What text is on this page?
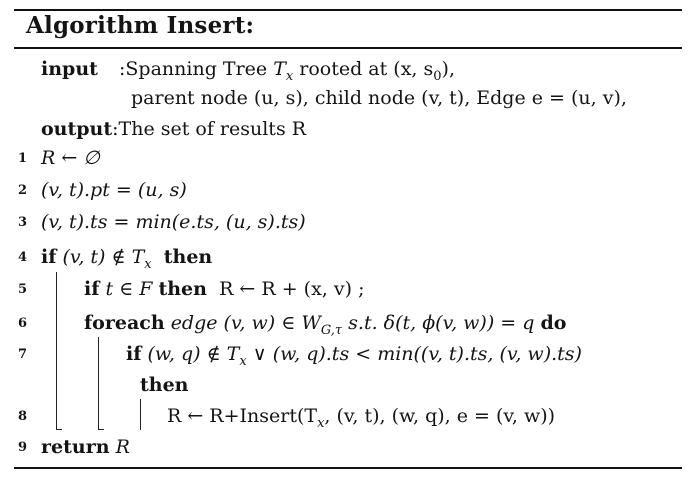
Algorithm Insert:
input :Spanning Tree $T_x$ rooted at (x, $s_0$),
parent node (u, s), child node (v, t), Edge e = (u, v),
output:The set of results R
1 R ← ∅
2 (v, t).pt = (u, s)
3 (v, t).ts = min(e.ts, (u, s).ts)
4 if (v, t) ∉ $T_x$ then
5	if t ∈ F then R ← R + (x, v) ;
6	foreach edge (v, w) ∈ $W_{G,\tau}$ s.t. δ(t, ϕ(v, w)) = q do
7	if (w, q) ∉ $T_x$ ∨ (w, q).ts < min((v, t).ts, (v, w).ts)
then
8	R ← $R+Insert(T_x$, (v, t), (w, q), e = (v, w))
9 return R
